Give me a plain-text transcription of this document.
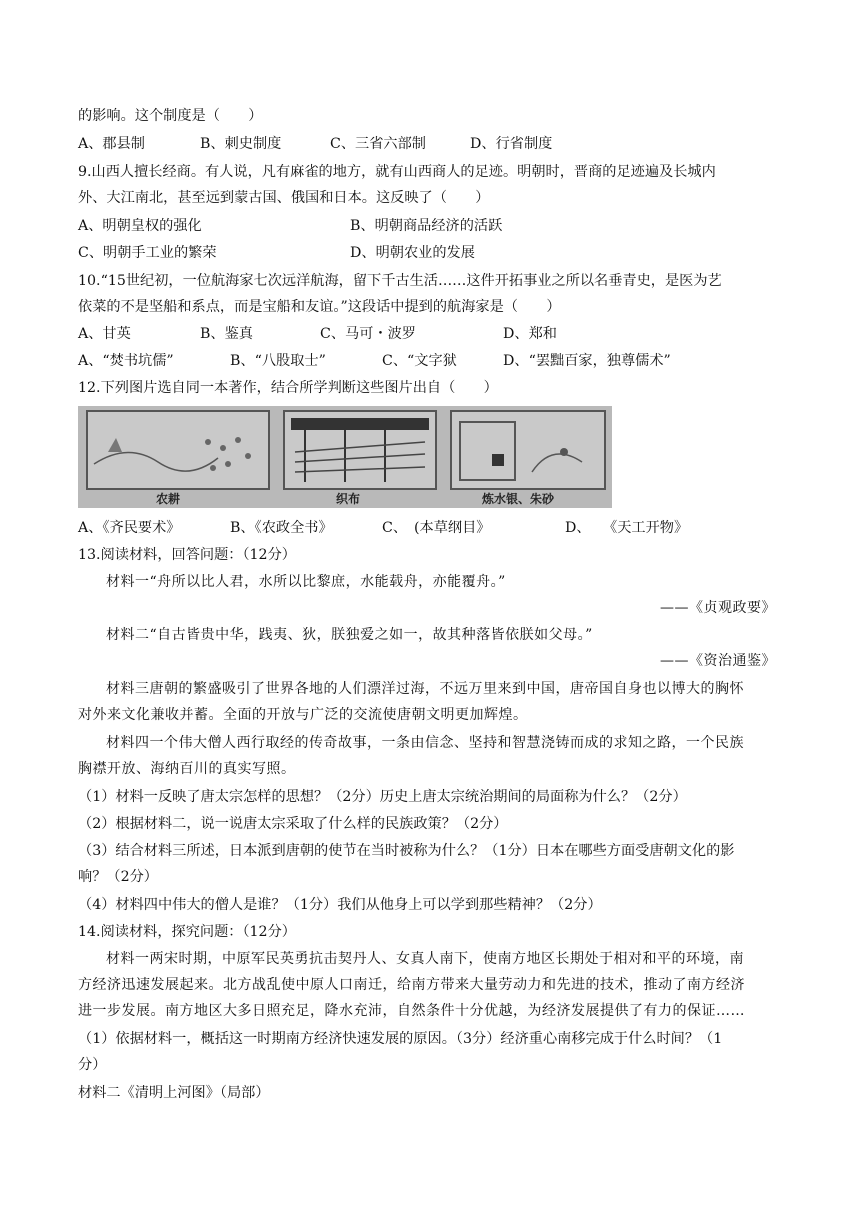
的影响。这个制度是（　　）
A、郡县制	B、刺史制度	C、三省六部制	D、行省制度
9.山西人擅长经商。有人说，凡有麻雀的地方，就有山西商人的足迹。明朝时，晋商的足迹遍及长城内
外、大江南北，甚至远到蒙古国、俄国和日本。这反映了（　　）
A、明朝皇权的强化	B、明朝商品经济的活跃
C、明朝手工业的繁荣	D、明朝农业的发展
10.“15世纪初，一位航海家七次远洋航海，留下千古生活……这件开拓事业之所以名垂青史，是医为艺
依菜的不是坚船和系点，而是宝船和友谊。”这段话中提到的航海家是（　　）
A、甘英	B、鉴真	C、马可・波罗	D、郑和
A、“焚书坑儒”	B、“八股取士”	C、“文字狱	D、“罢黜百家，独尊儒术”
12.下列图片选自同一本著作，结合所学判断这些图片出自（　　）
农耕	织布	炼水银、朱砂
A、《齐民要术》	B、《农政全书》	C、 (本草纲目》	D、 《天工开物》
13.阅读材料，回答问题：（12分）
材料一“舟所以比人君，水所以比黎庶，水能载舟，亦能覆舟。”
——《贞观政要》
材料二“自古皆贵中华，践夷、狄，朕独爱之如一，故其种落皆依朕如父母。”
——《资治通鉴》
材料三唐朝的繁盛吸引了世界各地的人们漂洋过海，不远万里来到中国，唐帝国自身也以博大的胸怀
对外来文化兼收并蓄。全面的开放与广泛的交流使唐朝文明更加辉煌。
材料四一个伟大僧人西行取经的传奇故事，一条由信念、坚持和智慧浇铸而成的求知之路，一个民族
胸襟开放、海纳百川的真实写照。
（1）材料一反映了唐太宗怎样的思想？（2分）历史上唐太宗统治期间的局面称为什么？（2分）
（2）根据材料二，说一说唐太宗采取了什么样的民族政策？（2分）
（3）结合材料三所述，日本派到唐朝的使节在当时被称为什么？（1分）日本在哪些方面受唐朝文化的影
响？（2分）
（4）材料四中伟大的僧人是谁？（1分）我们从他身上可以学到那些精神？（2分）
14.阅读材料，探究问题：（12分）
材料一两宋时期，中原军民英勇抗击契丹人、女真人南下，使南方地区长期处于相对和平的环境，南
方经济迅速发展起来。北方战乱使中原人口南迁，给南方带来大量劳动力和先进的技术，推动了南方经济
进一步发展。南方地区大多日照充足，降水充沛，自然条件十分优越，为经济发展提供了有力的保证……
（1）依据材料一，概括这一时期南方经济快速发展的原因。（3分）经济重心南移完成于什么时间？（1
分）
材料二《清明上河图》（局部）
